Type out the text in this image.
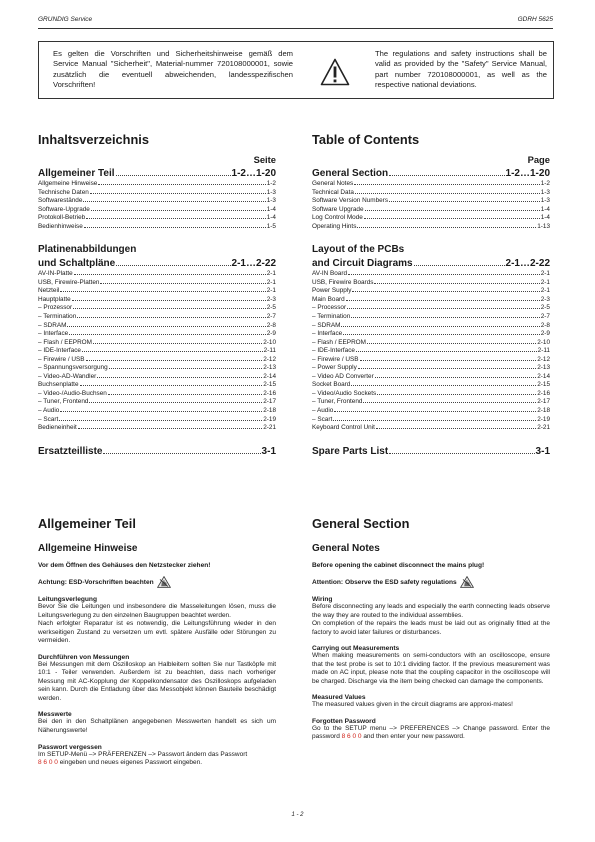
GRUNDIG Service	GDRH 5625
Es gelten die Vorschriften und Sicherheitshinweise gemäß dem Service Manual "Sicherheit", Material-nummer 720108000001, sowie zusätzlich die eventuell abweichenden, landesspezifischen Vorschriften!
The regulations and safety instructions shall be valid as provided by the "Safety" Service Manual, part number 720108000001, as well as the respective national deviations.
Inhaltsverzeichnis
Seite
Allgemeiner Teil	1-2…1-20
Allgemeine Hinweise	1-2
Technische Daten	1-3
Softwarestände	1-3
Software-Upgrade	1-4
Protokoll-Betrieb	1-4
Bedienhinweise	1-5
Platinenabbildungen
und Schaltpläne	2-1…2-22
AV-IN-Platte	2-1
USB, Firewire-Platten	2-1
Netzteil	2-1
Hauptplatte	2-3
– Prozessor	2-5
– Termination	2-7
– SDRAM	2-8
– Interface	2-9
– Flash / EEPROM	2-10
– IDE-Interface	2-11
– Firewire / USB	2-12
– Spannungsversorgung	2-13
– Video-AD-Wandler	2-14
Buchsenplatte	2-15
– Video-/Audio-Buchsen	2-16
– Tuner, Frontend	2-17
– Audio	2-18
– Scart	2-19
Bedieneinheit	2-21
Ersatzteilliste	3-1
Table of Contents
Page
General Section	1-2…1-20
General Notes	1-2
Technical Data	1-3
Software Version Numbers	1-3
Software Upgrade	1-4
Log Control Mode	1-4
Operating Hints	1-13
Layout of the PCBs
and Circuit Diagrams	2-1…2-22
AV-IN Board	2-1
USB, Firewire Boards	2-1
Power Supply	2-1
Main Board	2-3
– Processor	2-5
– Termination	2-7
– SDRAM	2-8
– Interface	2-9
– Flash / EEPROM	2-10
– IDE-Interface	2-11
– Firewire / USB	2-12
– Power Supply	2-13
– Video AD Converter	2-14
Socket Board	2-15
– Video/Audio Sockets	2-16
– Tuner, Frontend	2-17
– Audio	2-18
– Scart	2-19
Keyboard Control Unit	2-21
Spare Parts List	3-1
Allgemeiner Teil
Allgemeine Hinweise
Vor dem Öffnen des Gehäuses den Netzstecker ziehen!
Achtung: ESD-Vorschriften beachten
Leitungsverlegung
Bevor Sie die Leitungen und insbesondere die Masseleitungen lösen, muss die Leitungsverlegung zu den einzelnen Baugruppen beachtet werden.
Nach erfolgter Reparatur ist es notwendig, die Leitungsführung wieder in den werkseitigen Zustand zu versetzen um evtl. spätere Ausfälle oder Störungen zu vermeiden.
Durchführen von Messungen
Bei Messungen mit dem Oszilloskop an Halbleitern sollten Sie nur Tastköpfe mit 10:1 - Teiler verwenden. Außerdem ist zu beachten, dass nach vorheriger Messung mit AC-Kopplung der Koppelkondensator des Oszilloskops aufgeladen sein kann. Durch die Entladung über das Messobjekt können Bauteile beschädigt werden.
Messwerte
Bei den in den Schaltplänen angegebenen Messwerten handelt es sich um Näherungswerte!
Passwort vergessen
Im SETUP-Menü –> PRÄFERENZEN –> Passwort ändern das Passwort
8 6 0 0 eingeben und neues eigenes Passwort eingeben.
General Section
General Notes
Before opening the cabinet disconnect the mains plug!
Attention: Observe the ESD safety regulations
Wiring
Before disconnecting any leads and especially the earth connecting leads observe the way they are routed to the individual assemblies.
On completion of the repairs the leads must be laid out as originally fitted at the factory to avoid later failures or disturbances.
Carrying out Measurements
When making measurements on semi-conductors with an oscilloscope, ensure that the test probe is set to 10:1 dividing factor. If the previous measurement was made on AC input, please note that the coupling capacitor in the oscilloscope will be charged. Discharge via the item being checked can damage the components.
Measured Values
The measured values given in the circuit diagrams are approxi-mates!
Forgotten Password
Go to the SETUP menu –> PREFERENCES –> Change password. Enter the password 8 6 0 0 and then enter your new password.
1 - 2
